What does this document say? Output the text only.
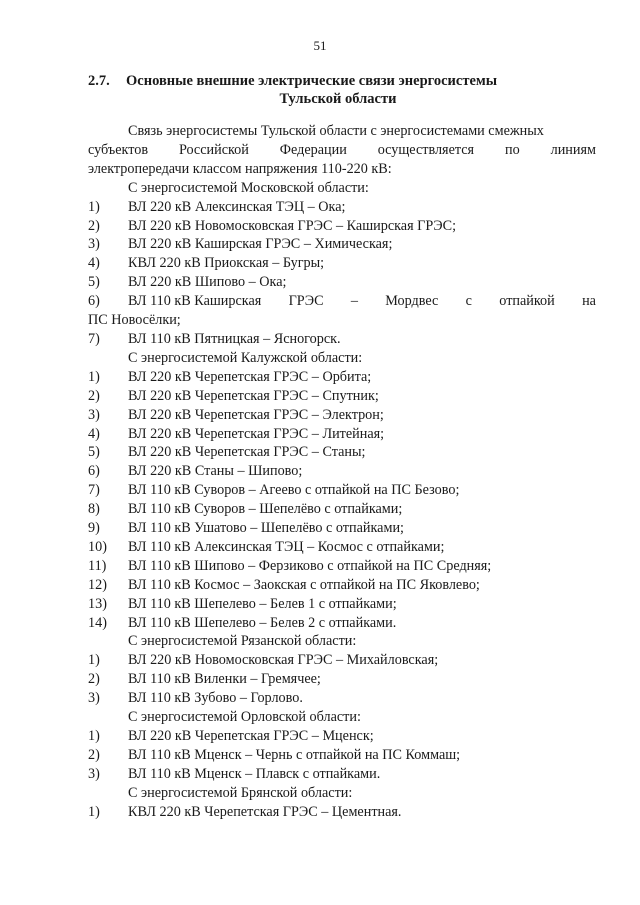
51
2.7.	Основные внешние электрические связи энергосистемы
Тульской области
Связь энергосистемы Тульской области с энергосистемами смежных
субъектов Российской Федерации осуществляется по линиям
электропередачи классом напряжения 110-220 кВ:
С энергосистемой Московской области:
1)	ВЛ 220 кВ Алексинская ТЭЦ – Ока;
2)	ВЛ 220 кВ Новомосковская ГРЭС – Каширская ГРЭС;
3)	ВЛ 220 кВ Каширская ГРЭС – Химическая;
4)	КВЛ 220 кВ Приокская – Бугры;
5)	ВЛ 220 кВ Шипово – Ока;
6)	ВЛ 110 кВ Каширская ГРЭС – Мордвес с отпайкой на
ПС Новосёлки;
7)	ВЛ 110 кВ Пятницкая – Ясногорск.
С энергосистемой Калужской области:
1)	ВЛ 220 кВ Черепетская ГРЭС – Орбита;
2)	ВЛ 220 кВ Черепетская ГРЭС – Спутник;
3)	ВЛ 220 кВ Черепетская ГРЭС – Электрон;
4)	ВЛ 220 кВ Черепетская ГРЭС – Литейная;
5)	ВЛ 220 кВ Черепетская ГРЭС – Станы;
6)	ВЛ 220 кВ Станы – Шипово;
7)	ВЛ 110 кВ Суворов – Агеево с отпайкой на ПС Безово;
8)	ВЛ 110 кВ Суворов – Шепелёво с отпайками;
9)	ВЛ 110 кВ Ушатово – Шепелёво с отпайками;
10)	ВЛ 110 кВ Алексинская ТЭЦ – Космос с отпайками;
11)	ВЛ 110 кВ Шипово – Ферзиково с отпайкой на ПС Средняя;
12)	ВЛ 110 кВ Космос – Заокская с отпайкой на ПС Яковлево;
13)	ВЛ 110 кВ Шепелево – Белев 1 с отпайками;
14)	ВЛ 110 кВ Шепелево – Белев 2 с отпайками.
С энергосистемой Рязанской области:
1)	ВЛ 220 кВ Новомосковская ГРЭС – Михайловская;
2)	ВЛ 110 кВ Виленки – Гремячее;
3)	ВЛ 110 кВ Зубово – Горлово.
С энергосистемой Орловской области:
1)	ВЛ 220 кВ Черепетская ГРЭС – Мценск;
2)	ВЛ 110 кВ Мценск – Чернь с отпайкой на ПС Коммаш;
3)	ВЛ 110 кВ Мценск – Плавск с отпайками.
С энергосистемой Брянской области:
1)	КВЛ 220 кВ Черепетская ГРЭС – Цементная.
